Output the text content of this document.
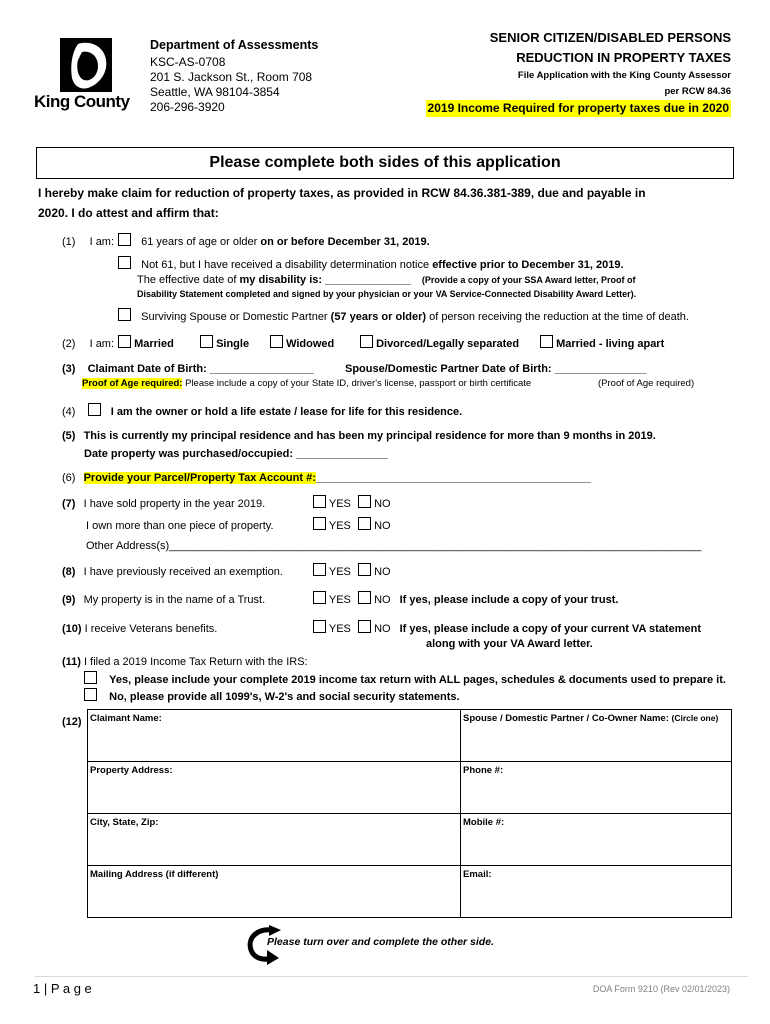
King County
Department of Assessments
KSC-AS-0708
201 S. Jackson St., Room 708
Seattle, WA 98104-3854
206-296-3920
SENIOR CITIZEN/DISABLED PERSONS
REDUCTION IN PROPERTY TAXES
File Application with the King County Assessor
per RCW 84.36
2019 Income Required for property taxes due in 2020
Please complete both sides of this application
I hereby make claim for reduction of property taxes, as provided in RCW 84.36.381-389, due and payable in
2020. I do attest and affirm that:
(1) I am:	61 years of age or older on or before December 31, 2019.
Not 61, but I have received a disability determination notice effective prior to December 31, 2019.
The effective date of my disability is: ______________ (Provide a copy of your SSA Award letter, Proof of
Disability Statement completed and signed by your physician or your VA Service-Connected Disability Award Letter).
Surviving Spouse or Domestic Partner (57 years or older) of person receiving the reduction at the time of death.
(2) I am:	Married	Single	Widowed	Divorced/Legally separated	Married - living apart
(3) Claimant Date of Birth: _________________	Spouse/Domestic Partner Date of Birth: _______________
Proof of Age required: Please include a copy of your State ID, driver's license, passport or birth certificate	(Proof of Age required)
(4)	I am the owner or hold a life estate / lease for life for this residence.
(5) This is currently my principal residence and has been my principal residence for more than 9 months in 2019.
Date property was purchased/occupied: _______________
(6) Provide your Parcel/Property Tax Account #:_____________________________________________
(7) I have sold property in the year 2019.	YES	NO
I own more than one piece of property.	YES	NO
Other Address(s)_______________________________________________________________________________________
(8) I have previously received an exemption.	YES	NO
(9) My property is in the name of a Trust.	YES	NO If yes, please include a copy of your trust.
(10) I receive Veterans benefits.	YES	NO If yes, please include a copy of your current VA statement
along with your VA Award letter.
(11) I filed a 2019 Income Tax Return with the IRS:
Yes, please include your complete 2019 income tax return with ALL pages, schedules & documents used to prepare it.
No, please provide all 1099's, W-2's and social security statements.
(12) Claimant Name:	Spouse / Domestic Partner / Co-Owner Name: (Circle one)
Property Address:	Phone #:
City, State, Zip:	Mobile #:
Mailing Address (if different)	Email:
Please turn over and complete the other side.
1 | P a g e	DOA Form 9210 (Rev 02/01/2023)
